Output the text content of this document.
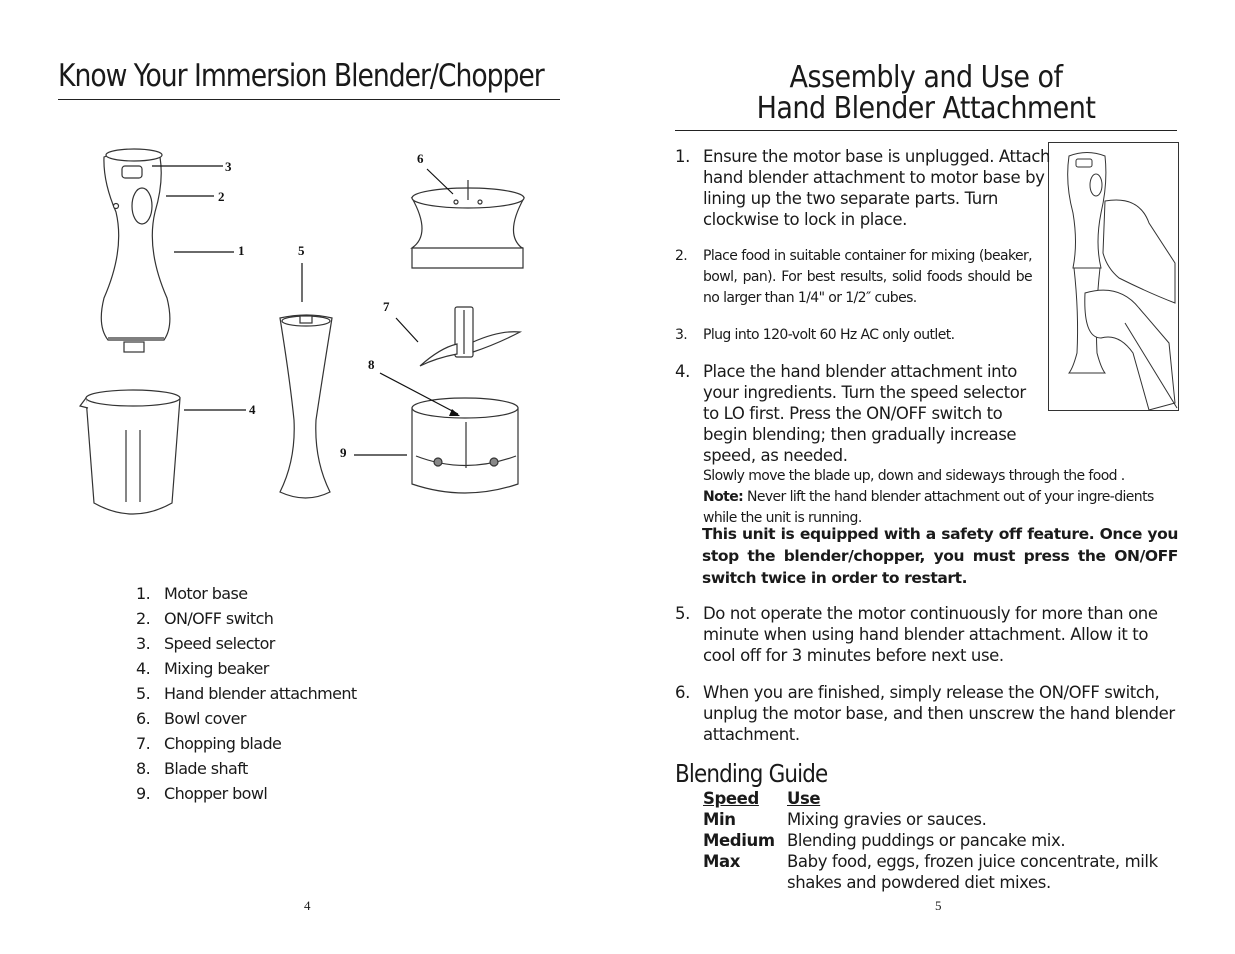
Know Your Immersion Blender/Chopper
3
2
1	5
6
7
8
4
9
1. Motor base
2. ON/OFF switch
3. Speed selector
4. Mixing beaker
5. Hand blender attachment
6. Bowl cover
7. Chopping blade
8. Blade shaft
9. Chopper bowl
4
Assembly and Use of
Hand Blender Attachment
1. Ensure the motor base is unplugged. Attach hand blender attachment to motor base by lining up the two separate parts. Turn clockwise to lock in place.
2. Place food in suitable container for mixing (beaker, bowl, pan). For best results, solid foods should be no larger than 1/4" or 1/2″ cubes.
3. Plug into 120-volt 60 Hz AC only outlet.
4. Place the hand blender attachment into your ingredients. Turn the speed selector to LO first. Press the ON/OFF switch to begin blending; then gradually increase speed, as needed.
Slowly move the blade up, down and sideways through the food .
Note: Never lift the hand blender attachment out of your ingre-dients while the unit is running.
This unit is equipped with a safety off feature. Once you stop the blender/chopper, you must press the ON/OFF switch twice in order to restart.
5. Do not operate the motor continuously for more than one minute when using hand blender attachment. Allow it to cool off for 3 minutes before next use.
6. When you are finished, simply release the ON/OFF switch, unplug the motor base, and then unscrew the hand blender attachment.
Blending Guide
Speed	Use
Min	Mixing gravies or sauces.
Medium Blending puddings or pancake mix.
Max	Baby food, eggs, frozen juice concentrate, milk shakes and powdered diet mixes.
5
